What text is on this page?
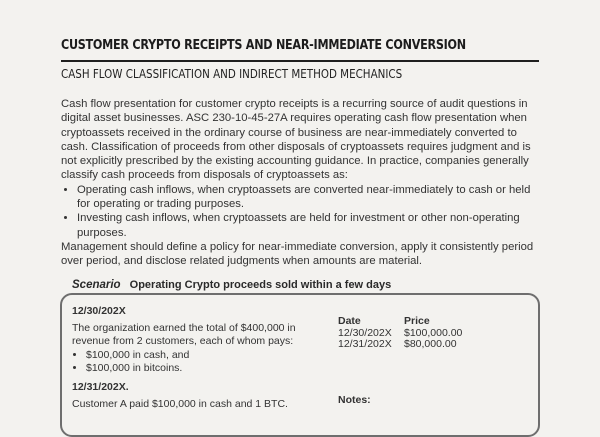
CUSTOMER CRYPTO RECEIPTS AND NEAR-IMMEDIATE CONVERSION
CASH FLOW CLASSIFICATION AND INDIRECT METHOD MECHANICS

Cash flow presentation for customer crypto receipts is a recurring source of audit questions in digital asset businesses. ASC 230-10-45-27A requires operating cash flow presentation when cryptoassets received in the ordinary course of business are near-immediately converted to cash. Classification of proceeds from other disposals of cryptoassets requires judgment and is not explicitly prescribed by the existing accounting guidance. In practice, companies generally classify cash proceeds from disposals of cryptoassets as:

• Operating cash inflows, when cryptoassets are converted near-immediately to cash or held for operating or trading purposes.
• Investing cash inflows, when cryptoassets are held for investment or other non-operating purposes.

Management should define a policy for near-immediate conversion, apply it consistently period over period, and disclose related judgments when amounts are material.

Scenario Operating Crypto proceeds sold within a few days
12/30/202X

The organization earned the total of $400,000 in revenue from 2 customers, each of whom pays:

• $100,000 in cash, and
• $100,000 in bitcoins.
12/31/202X.

Customer A paid $100,000 in cash and 1 BTC.

Date	Price
12/30/202X	$100,000.00
12/31/202X	$80,000.00
Notes:
